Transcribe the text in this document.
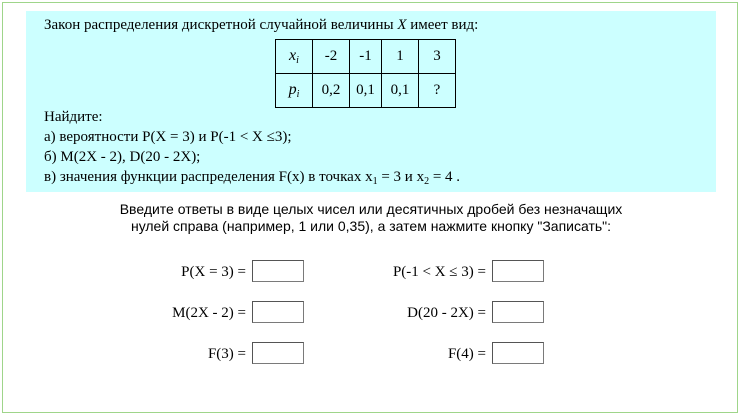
Закон распределения дискретной случайной величины X имеет вид:
$x_i$	-2	-1	1	3
$p_i$	0,2	0,1	0,1	?
Найдите:
а) вероятности P(X = 3) и P(-1 < X ≤3);
б) M(2X - 2), D(20 - 2X);
в) значения функции распределения F(x) в точках $x_1 = 3$ и $x_2 = 4$ .
Введите ответы в виде целых чисел или десятичных дробей без незначащих
нулей справа (например, 1 или 0,35), а затем нажмите кнопку "Записать":
P(X = 3) =	P(-1 < X ≤ 3) =
M(2X - 2) =	D(20 - 2X) =
F(3) =	F(4) =
